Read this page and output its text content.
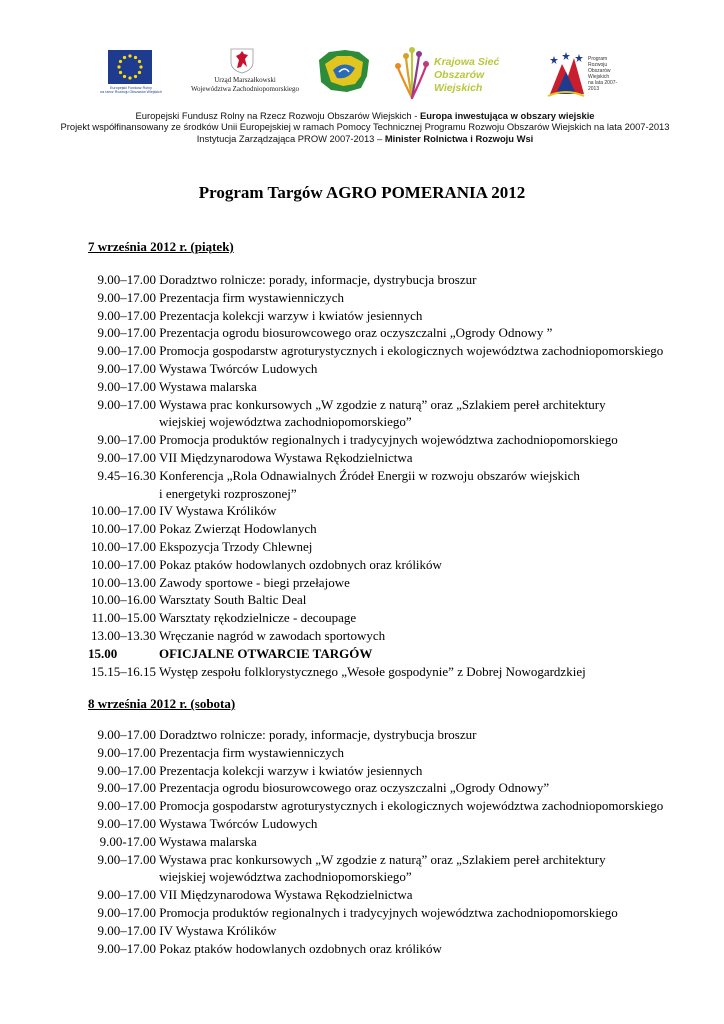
Europejski Fundusz Rolny
na rzecz Rozwoju Obszarów Wiejskich
Urząd Marszałkowski
Województwa Zachodniopomorskiego
Krajowa Sieć
Obszarów Wiejskich
Program
Rozwoju
Obszarów
Wiejskich
na lata 2007-2013
Europejski Fundusz Rolny na Rzecz Rozwoju Obszarów Wiejskich - Europa inwestująca w obszary wiejskie
Projekt współfinansowany ze środków Unii Europejskiej w ramach Pomocy Technicznej Programu Rozwoju Obszarów Wiejskich na lata 2007-2013
Instytucja Zarządzająca PROW 2007-2013 – Minister Rolnictwa i Rozwoju Wsi
Program Targów AGRO POMERANIA 2012
7 września 2012 r. (piątek)
9.00–17.00 Doradztwo rolnicze: porady, informacje, dystrybucja broszur
9.00–17.00 Prezentacja firm wystawienniczych
9.00–17.00 Prezentacja kolekcji warzyw i kwiatów jesiennych
9.00–17.00 Prezentacja ogrodu biosurowcowego oraz oczyszczalni „Ogrody Odnowy ”
9.00–17.00 Promocja gospodarstw agroturystycznych i ekologicznych województwa zachodniopomorskiego
9.00–17.00 Wystawa Twórców Ludowych
9.00–17.00 Wystawa malarska
9.00–17.00 Wystawa prac konkursowych „W zgodzie z naturą” oraz „Szlakiem pereł architektury
wiejskiej województwa zachodniopomorskiego”
9.00–17.00 Promocja produktów regionalnych i tradycyjnych województwa zachodniopomorskiego
9.00–17.00 VII Międzynarodowa Wystawa Rękodzielnictwa
9.45–16.30 Konferencja „Rola Odnawialnych Źródeł Energii w rozwoju obszarów wiejskich
i energetyki rozproszonej”
10.00–17.00 IV Wystawa Królików
10.00–17.00 Pokaz Zwierząt Hodowlanych
10.00–17.00 Ekspozycja Trzody Chlewnej
10.00–17.00 Pokaz ptaków hodowlanych ozdobnych oraz królików
10.00–13.00 Zawody sportowe - biegi przełajowe
10.00–16.00 Warsztaty South Baltic Deal
11.00–15.00 Warsztaty rękodzielnicze - decoupage
13.00–13.30 Wręczanie nagród w zawodach sportowych
15.00	OFICJALNE OTWARCIE TARGÓW
15.15–16.15 Występ zespołu folklorystycznego „Wesołe gospodynie” z Dobrej Nowogardzkiej
8 września 2012 r. (sobota)
9.00–17.00 Doradztwo rolnicze: porady, informacje, dystrybucja broszur
9.00–17.00 Prezentacja firm wystawienniczych
9.00–17.00 Prezentacja kolekcji warzyw i kwiatów jesiennych
9.00–17.00 Prezentacja ogrodu biosurowcowego oraz oczyszczalni „Ogrody Odnowy”
9.00–17.00 Promocja gospodarstw agroturystycznych i ekologicznych województwa zachodniopomorskiego
9.00–17.00 Wystawa Twórców Ludowych
9.00-17.00 Wystawa malarska
9.00–17.00 Wystawa prac konkursowych „W zgodzie z naturą” oraz „Szlakiem pereł architektury
wiejskiej województwa zachodniopomorskiego”
9.00–17.00 VII Międzynarodowa Wystawa Rękodzielnictwa
9.00–17.00 Promocja produktów regionalnych i tradycyjnych województwa zachodniopomorskiego
9.00–17.00 IV Wystawa Królików
9.00–17.00 Pokaz ptaków hodowlanych ozdobnych oraz królików
